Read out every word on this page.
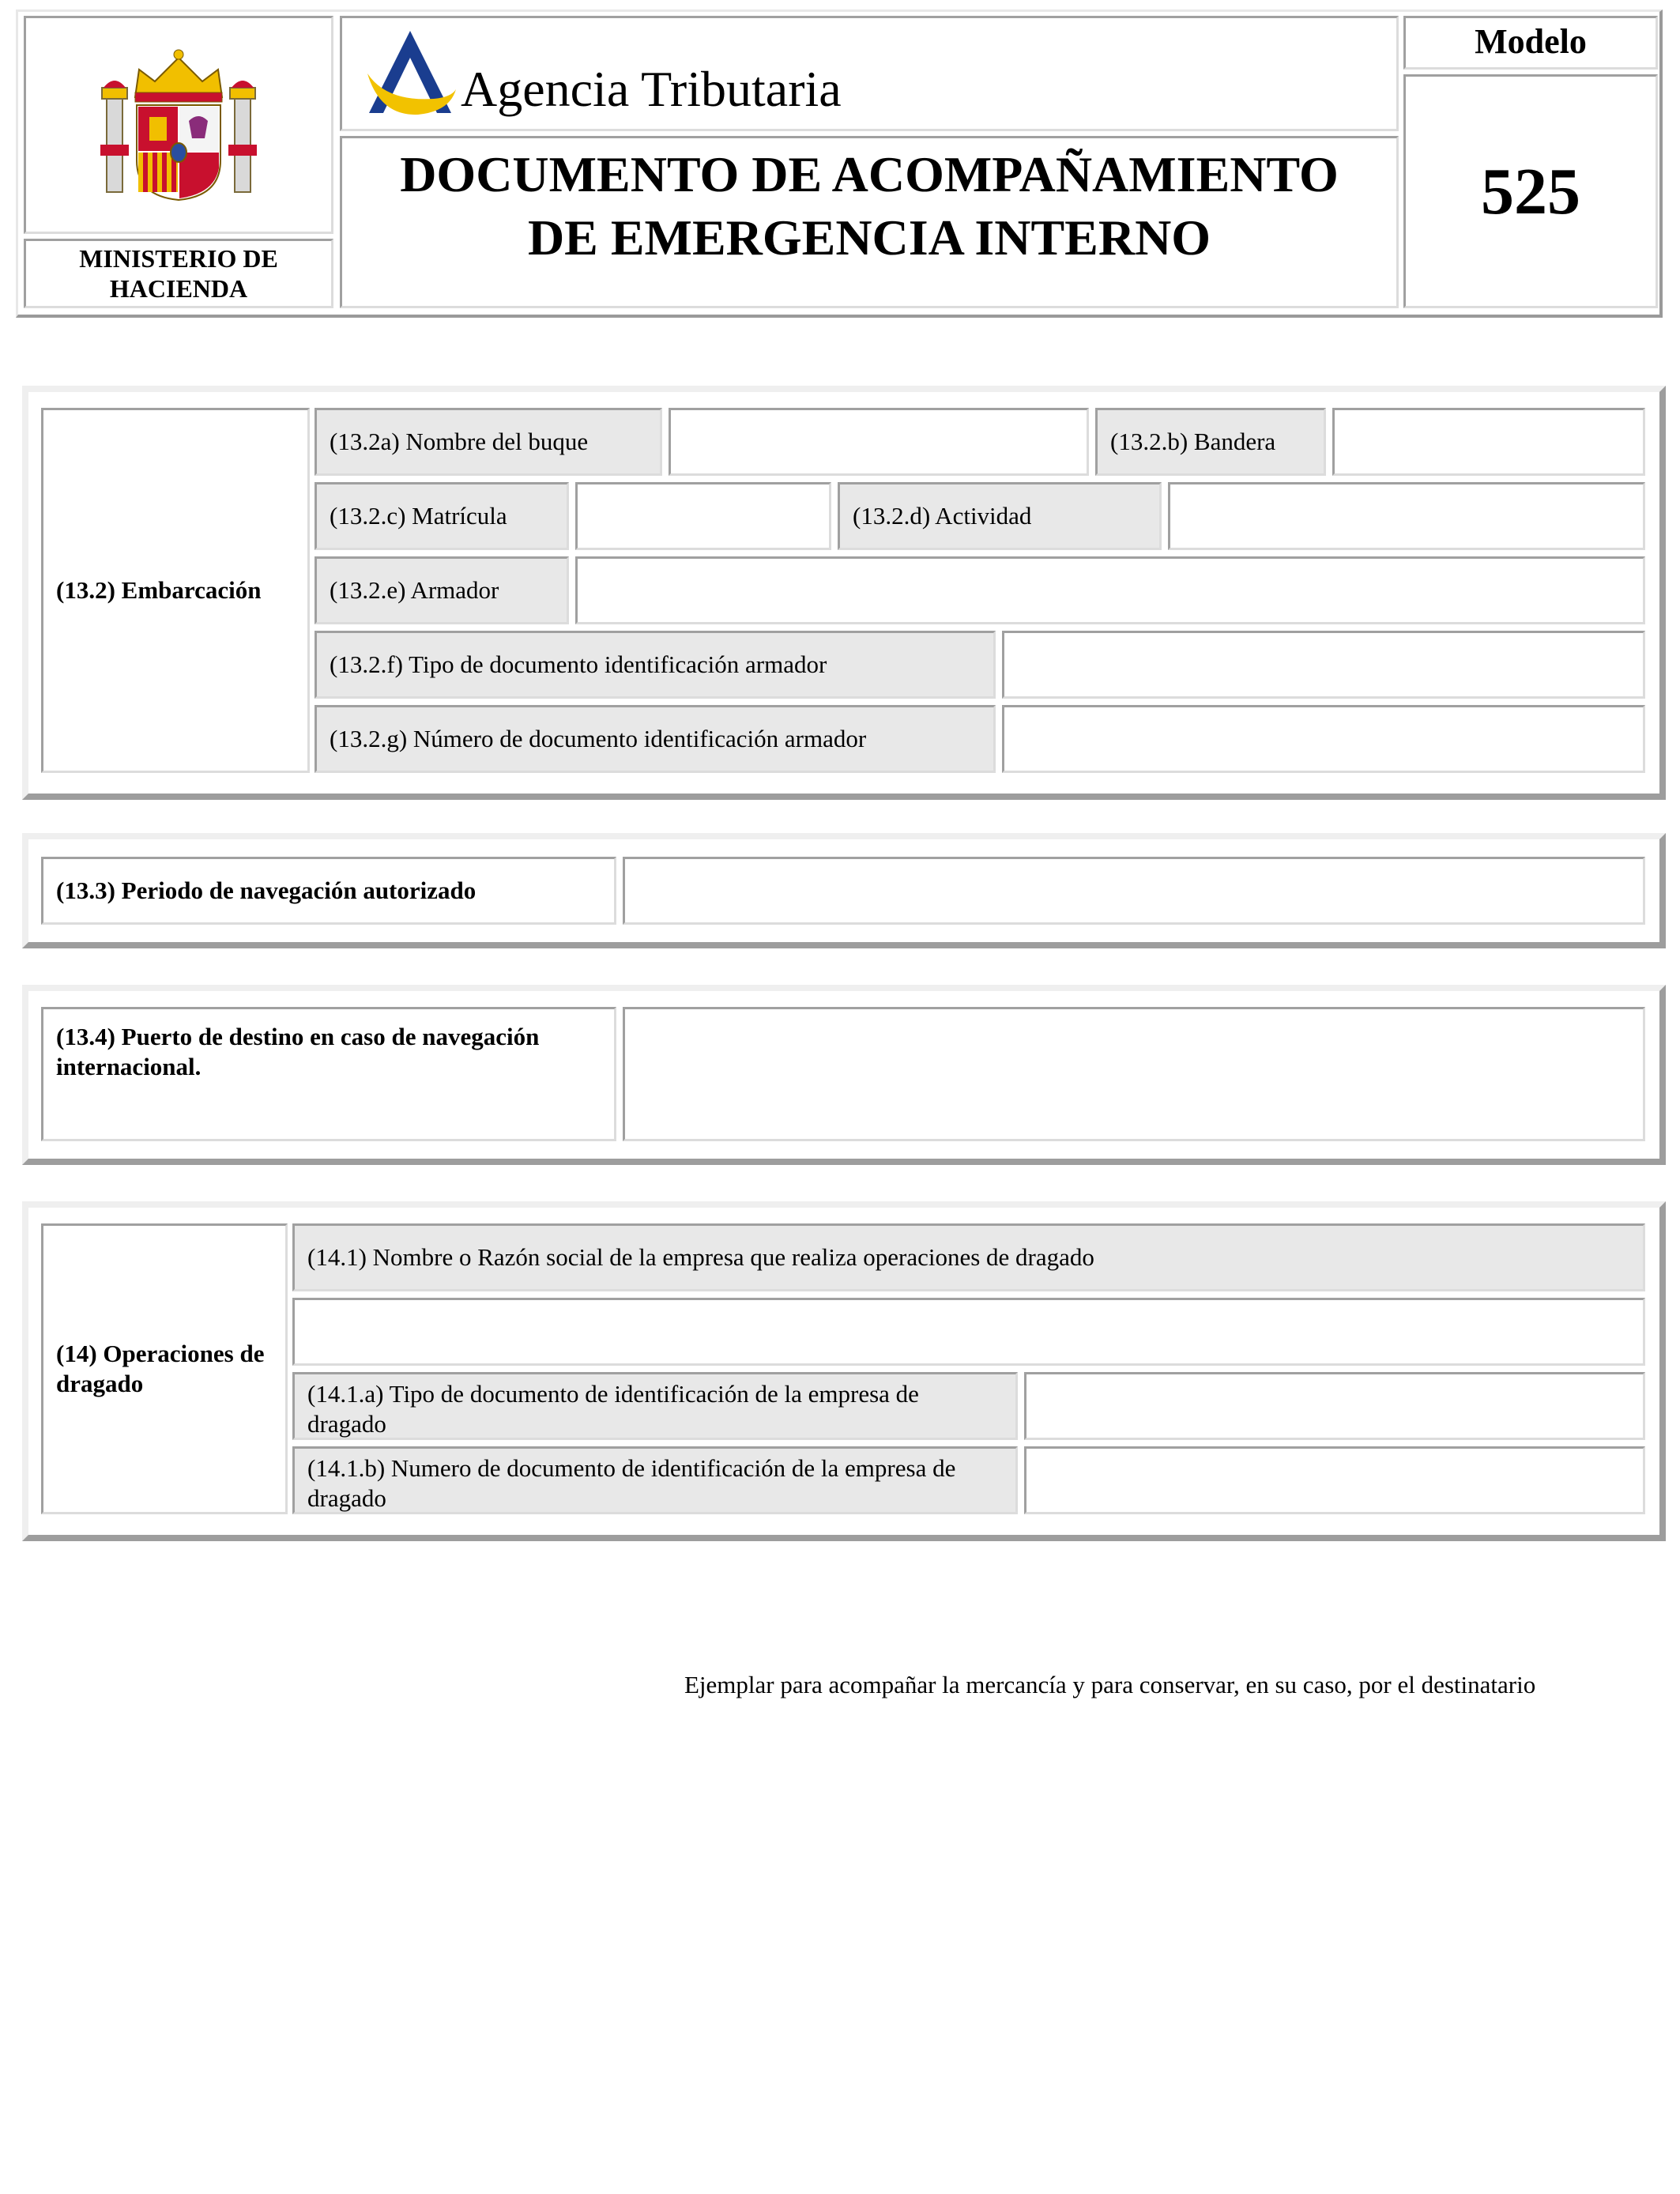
MINISTERIO DE HACIENDA
Agencia Tributaria
DOCUMENTO DE ACOMPAÑAMIENTO
DE EMERGENCIA INTERNO
Modelo
525
(13.2) Embarcación
(13.2a) Nombre del buque	(13.2.b) Bandera
(13.2.c) Matrícula	(13.2.d) Actividad
(13.2.e) Armador
(13.2.f) Tipo de documento identificación armador
(13.2.g) Número de documento identificación armador
(13.3) Periodo de navegación autorizado
(13.4) Puerto de destino en caso de navegación internacional.
(14) Operaciones de dragado
(14.1) Nombre o Razón social de la empresa que realiza operaciones de dragado
(14.1.a) Tipo de documento de identificación de la empresa de dragado
(14.1.b) Numero de documento de identificación de la empresa de dragado
Ejemplar para acompañar la mercancía y para conservar, en su caso, por el destinatario
